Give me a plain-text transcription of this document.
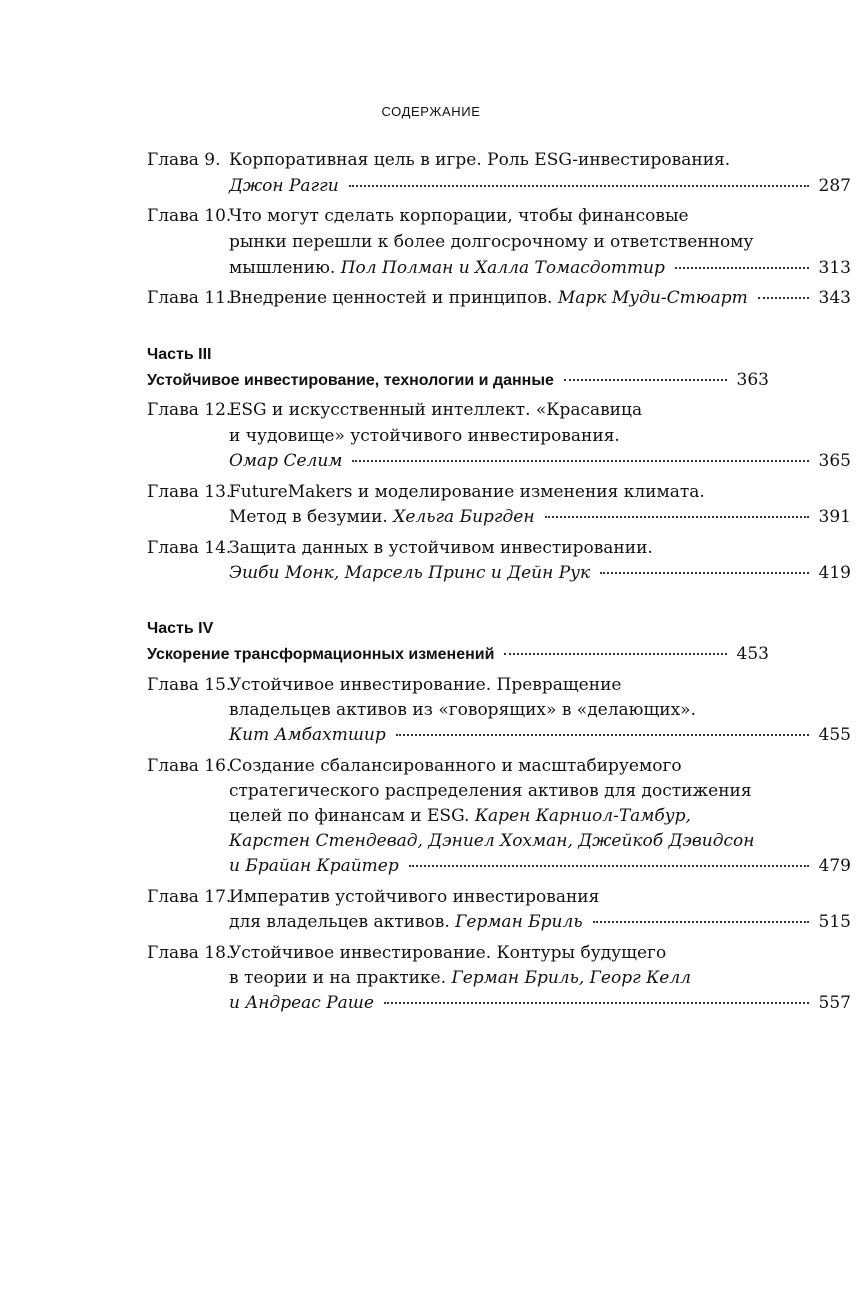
СОДЕРЖАНИЕ
Глава 9. Корпоративная цель в игре. Роль ESG-инвестирования.
Джон Рагги	287
Глава 10.
Что могут сделать корпорации, чтобы финансовые
рынки перешли к более долгосрочному и ответственному
мышлению. Пол Полман и Халла Томасдоттир	313
Глава 11.
Внедрение ценностей и принципов. Марк Муди-Стюарт	343
Часть III
Устойчивое инвестирование, технологии и данные	363
Глава 12.
ESG и искусственный интеллект. «Красавица
и чудовище» устойчивого инвестирования.
Омар Селим	365
Глава 13.
FutureMakers и моделирование изменения климата.
Метод в безумии. Хельга Биргден	391
Глава 14.
Защита данных в устойчивом инвестировании.
Эшби Монк, Марсель Принс и Дейн Рук	419
Часть IV
Ускорение трансформационных изменений	453
Глава 15.
Устойчивое инвестирование. Превращение
владельцев активов из «говорящих» в «делающих».
Кит Амбахтшир	455
Глава 16.
Создание сбалансированного и масштабируемого
стратегического распределения активов для достижения
целей по финансам и ESG. Карен Карниол-Тамбур,
Карстен Стендевад, Дэниел Хохман, Джейкоб Дэвидсон
и Брайан Крайтер	479
Глава 17.
Императив устойчивого инвестирования
для владельцев активов. Герман Бриль	515
Глава 18.
Устойчивое инвестирование. Контуры будущего
в теории и на практике. Герман Бриль, Георг Келл
и Андреас Раше	557
